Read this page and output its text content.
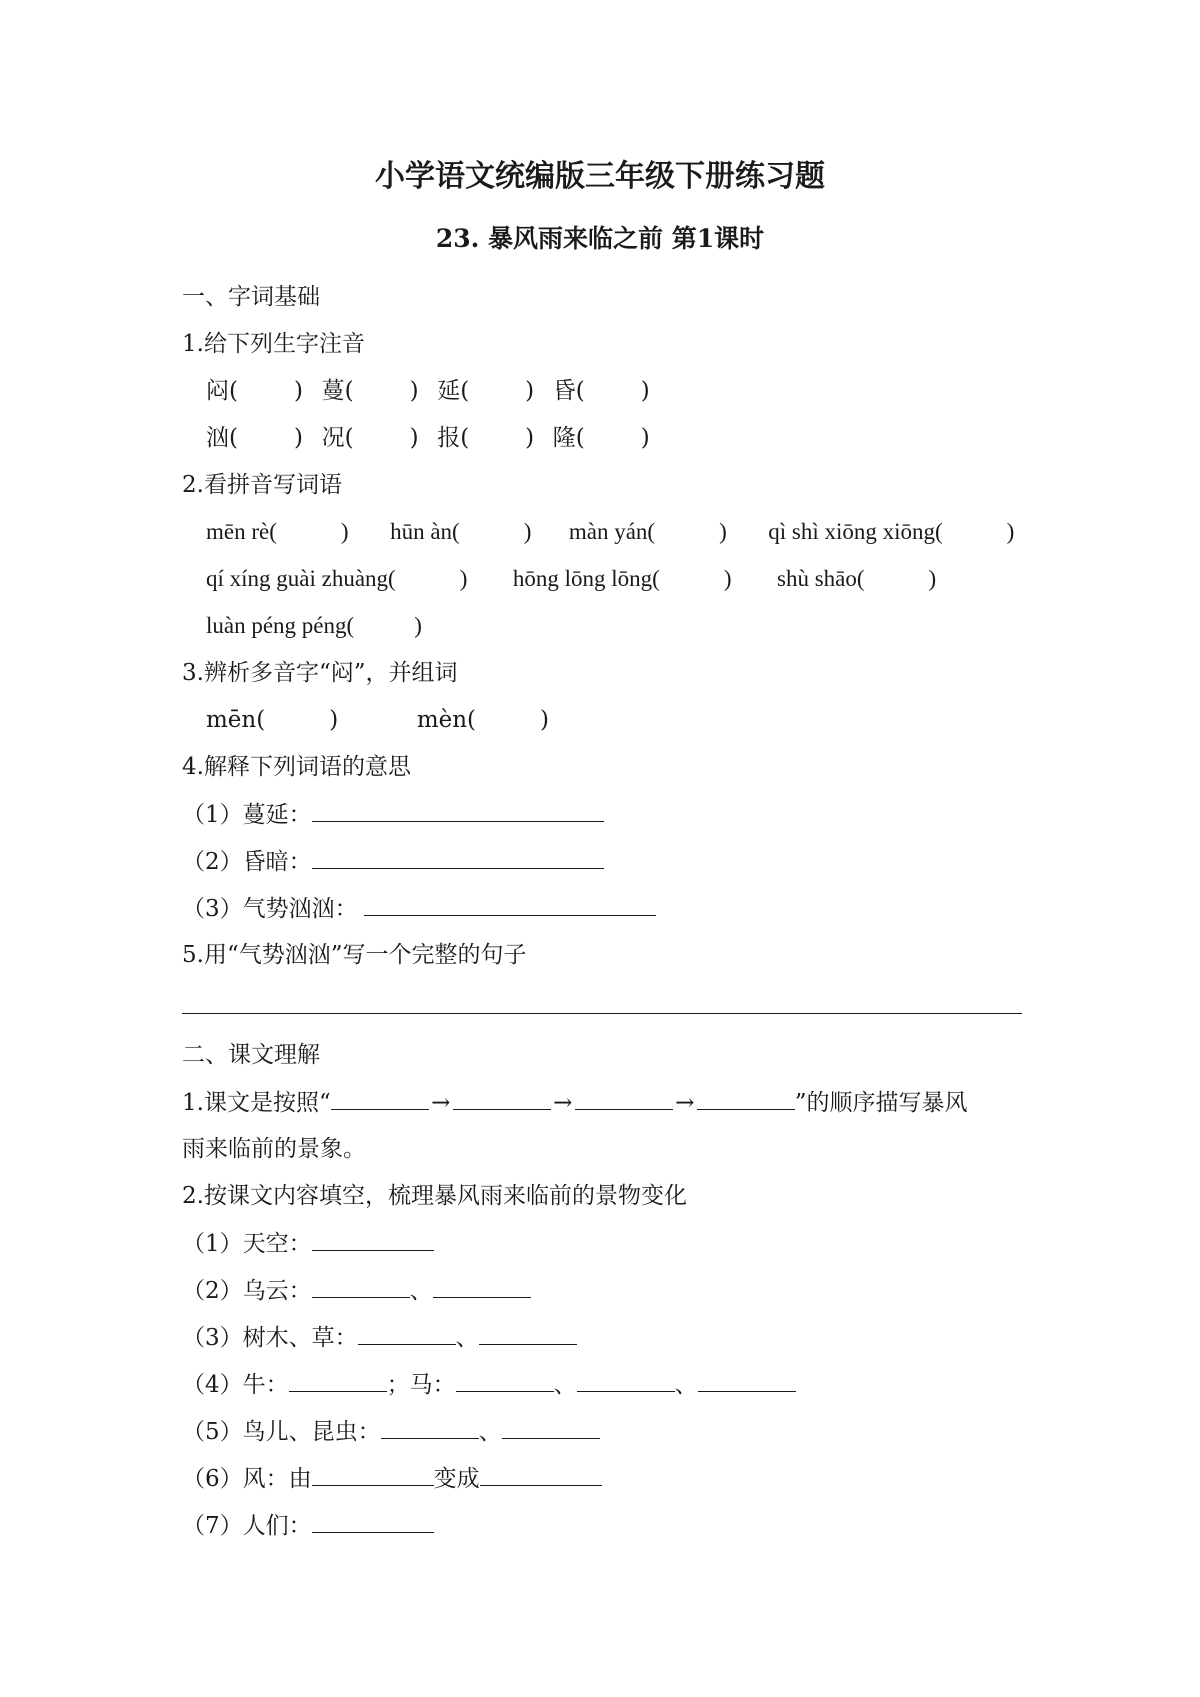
小学语文统编版三年级下册练习题
23. 暴风雨来临之前 第1课时
一、字词基础
1.给下列生字注音
闷( ) 蔓( ) 延( ) 昏( )
汹( ) 况( ) 报( ) 隆( )
2.看拼音写词语
mēn rè(	) hūn àn(	) màn yán(	) qì shì xiōng xiōng(	)
qí xíng guài zhuàng(	) hōng lōng lōng(	) shù shāo(	)
luàn péng péng(	)
3.辨析多音字“闷”，并组词
mēn(	)	mèn(	)
4.解释下列词语的意思
（1）蔓延：
（2）昏暗：
（3）气势汹汹：
5.用“气势汹汹”写一个完整的句子
二、课文理解
1.课文是按照“	→	→	→	”的顺序描写暴风
雨来临前的景象。
2.按课文内容填空，梳理暴风雨来临前的景物变化
（1）天空：
（2）乌云：	、
（3）树木、草：	、
（4）牛：	；马：	、	、
（5）鸟儿、昆虫：	、
（6）风：由	变成
（7）人们：
